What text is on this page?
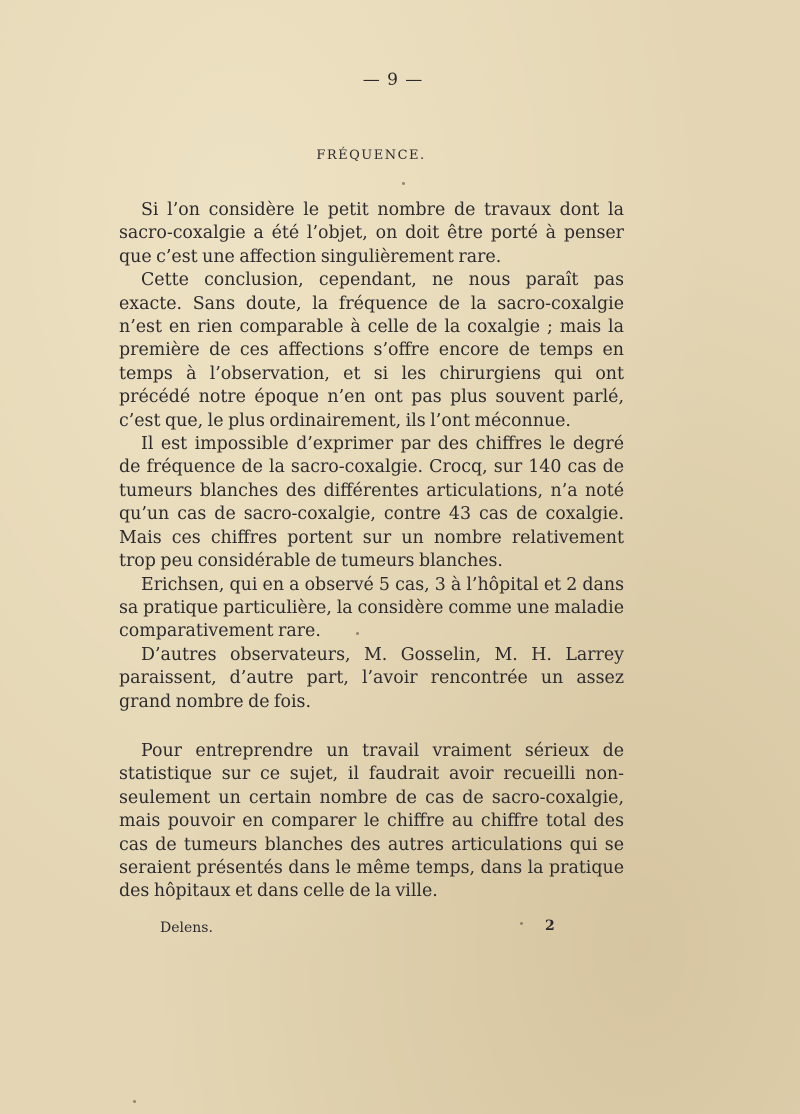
— 9 —
FRÉQUENCE.

Si l’on considère le petit nombre de travaux dont la sacro-coxalgie a été l’objet, on doit être porté à penser que c’est une affection singulièrement rare.

Cette conclusion, cependant, ne nous paraît pas exacte. Sans doute, la fréquence de la sacro-coxalgie n’est en rien comparable à celle de la coxalgie ; mais la première de ces affections s’offre encore de temps en temps à l’observation, et si les chirurgiens qui ont précédé notre époque n’en ont pas plus souvent parlé, c’est que, le plus ordinairement, ils l’ont méconnue.

Il est impossible d’exprimer par des chiffres le degré de fréquence de la sacro-coxalgie. Crocq, sur 140 cas de tumeurs blanches des différentes articulations, n’a noté qu’un cas de sacro-coxalgie, contre 43 cas de coxalgie. Mais ces chiffres portent sur un nombre relativement trop peu considérable de tumeurs blanches.

Erichsen, qui en a observé 5 cas, 3 à l’hôpital et 2 dans sa pratique particulière, la considère comme une maladie comparativement rare.

D’autres observateurs, M. Gosselin, M. H. Larrey paraissent, d’autre part, l’avoir rencontrée un assez grand nombre de fois.

Pour entreprendre un travail vraiment sérieux de statistique sur ce sujet, il faudrait avoir recueilli non-seulement un certain nombre de cas de sacro-coxalgie, mais pouvoir en comparer le chiffre au chiffre total des cas de tumeurs blanches des autres articulations qui se seraient présentés dans le même temps, dans la pratique des hôpitaux et dans celle de la ville.

Delens.	2
